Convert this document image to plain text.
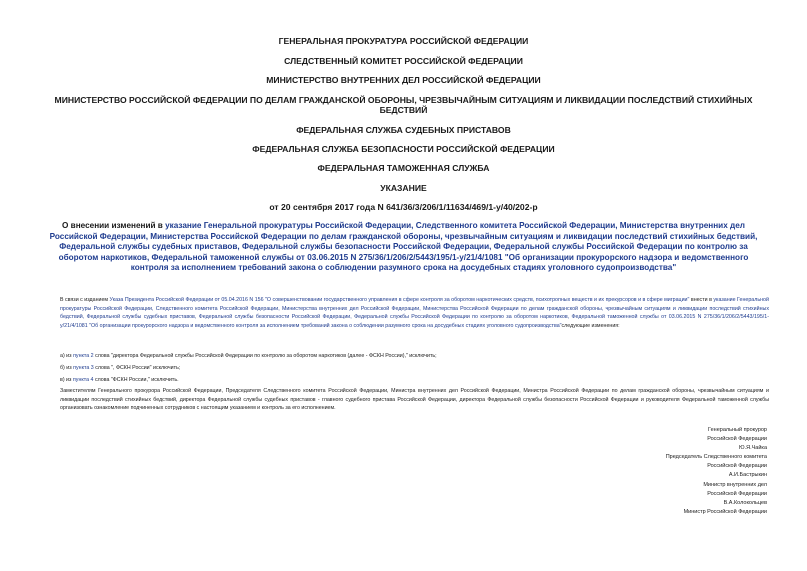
ГЕНЕРАЛЬНАЯ ПРОКУРАТУРА РОССИЙСКОЙ ФЕДЕРАЦИИ
СЛЕДСТВЕННЫЙ КОМИТЕТ РОССИЙСКОЙ ФЕДЕРАЦИИ
МИНИСТЕРСТВО ВНУТРЕННИХ ДЕЛ РОССИЙСКОЙ ФЕДЕРАЦИИ
МИНИСТЕРСТВО РОССИЙСКОЙ ФЕДЕРАЦИИ ПО ДЕЛАМ ГРАЖДАНСКОЙ ОБОРОНЫ, ЧРЕЗВЫЧАЙНЫМ СИТУАЦИЯМ И ЛИКВИДАЦИИ ПОСЛЕДСТВИЙ СТИХИЙНЫХ БЕДСТВИЙ
ФЕДЕРАЛЬНАЯ СЛУЖБА СУДЕБНЫХ ПРИСТАВОВ
ФЕДЕРАЛЬНАЯ СЛУЖБА БЕЗОПАСНОСТИ РОССИЙСКОЙ ФЕДЕРАЦИИ
ФЕДЕРАЛЬНАЯ ТАМОЖЕННАЯ СЛУЖБА
УКАЗАНИЕ
от 20 сентября 2017 года N 641/36/3/206/1/11634/469/1-у/40/202-р

О внесении изменений в указание Генеральной прокуратуры Российской Федерации, Следственного комитета Российской Федерации, Министерства внутренних дел Российской Федерации, Министерства Российской Федерации по делам гражданской обороны, чрезвычайным ситуациям и ликвидации последствий стихийных бедствий, Федеральной службы судебных приставов, Федеральной службы безопасности Российской Федерации, Федеральной службы Российской Федерации по контролю за оборотом наркотиков, Федеральной таможенной службы от 03.06.2015 N 275/36/1/206/2/5443/195/1-у/21/4/1081 "Об организации прокурорского надзора и ведомственного контроля за исполнением требований закона о соблюдении разумного срока на досудебных стадиях уголовного судопроизводства"

В связи с изданием Указа Президента Российской Федерации от 05.04.2016 N 156 "О совершенствовании государственного управления в сфере контроля за оборотом наркотических средств, психотропных веществ и их прекурсоров и в сфере миграции" внести в указание Генеральной прокуратуры Российской Федерации, Следственного комитета Российской Федерации, Министерства внутренних дел Российской Федерации, Министерства Российской Федерации по делам гражданской обороны, чрезвычайным ситуациям и ликвидации последствий стихийных бедствий, Федеральной службы судебных приставов, Федеральной службы безопасности Российской Федерации, Федеральной службы Российской Федерации по контролю за оборотом наркотиков, Федеральной таможенной службы от 03.06.2015 N 275/36/1/206/2/5443/195/1-у/21/4/1081 "Об организации прокурорского надзора и ведомственного контроля за исполнением требований закона о соблюдении разумного срока на досудебных стадиях уголовного судопроизводства"следующие изменения:

а) из пункта 2 слова "директора Федеральной службы Российской Федерации по контролю за оборотом наркотиков (далее - ФСКН России)," исключить;

б) из пункта 3 слова ", ФСКН России" исключить;

в) из пункта 4 слова "ФСКН России," исключить.

Заместителям Генерального прокурора Российской Федерации, Председателя Следственного комитета Российской Федерации, Министра внутренних дел Российской Федерации, Министра Российской Федерации по делам гражданской обороны, чрезвычайным ситуациям и ликвидации последствий стихийных бедствий, директора Федеральной службы судебных приставов - главного судебного пристава Российской Федерации, директора Федеральной службы безопасности Российской Федерации и руководителя Федеральной таможенной службы организовать ознакомление подчиненных сотрудников с настоящим указанием и контроль за его исполнением.

Генеральный прокурор
Российской Федерации
Ю.Я.Чайка
Председатель Следственного комитета
Российской Федерации
А.И.Бастрыкин
Министр внутренних дел
Российской Федерации
В.А.Колокольцев
Министр Российской Федерации
